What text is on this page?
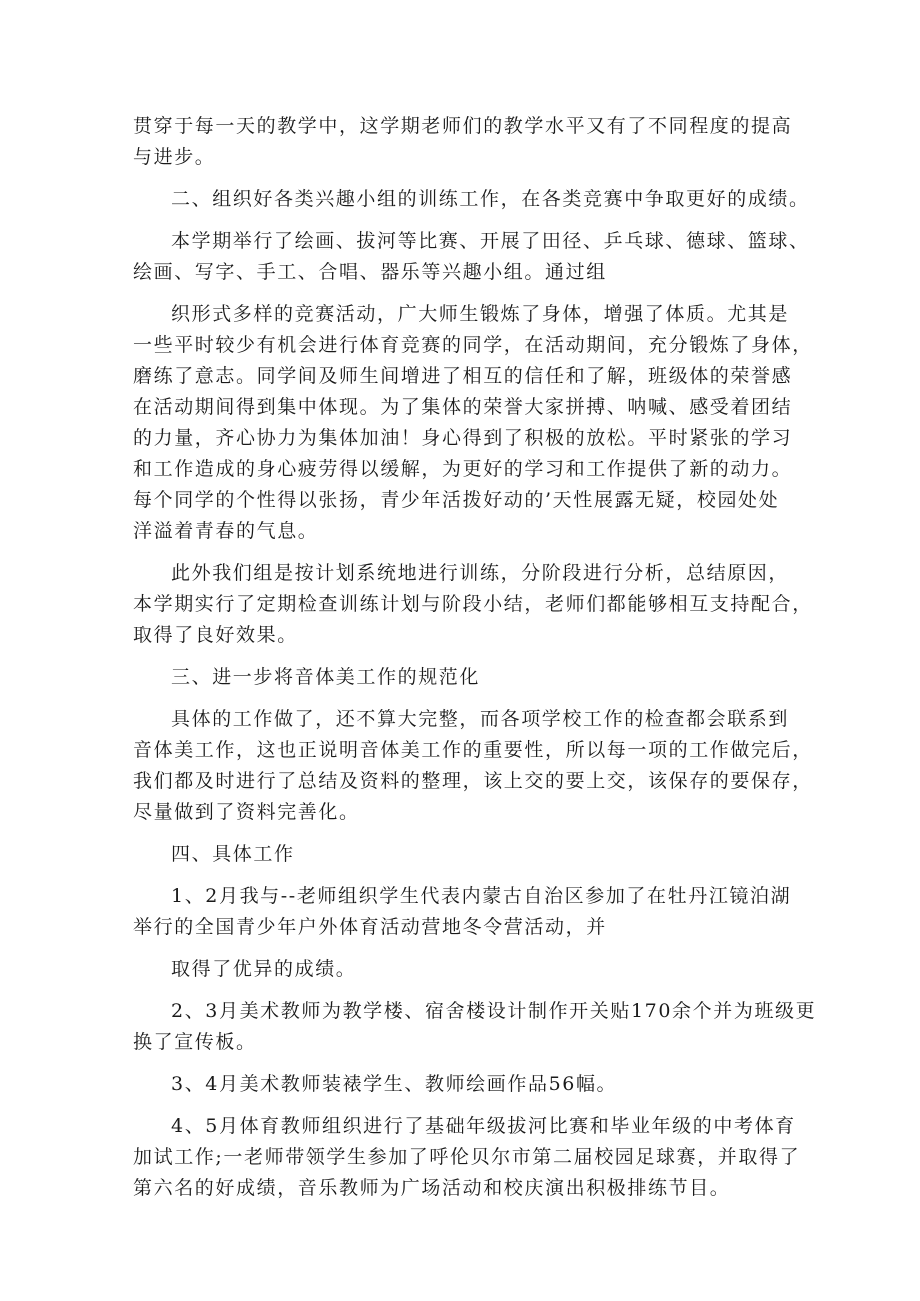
贯穿于每一天的教学中，这学期老师们的教学水平又有了不同程度的提高
与进步。
二、组织好各类兴趣小组的训练工作，在各类竞赛中争取更好的成绩。
本学期举行了绘画、拔河等比赛、开展了田径、乒乓球、德球、篮球、
绘画、写字、手工、合唱、器乐等兴趣小组。通过组
织形式多样的竞赛活动，广大师生锻炼了身体，增强了体质。尤其是
一些平时较少有机会进行体育竞赛的同学，在活动期间，充分锻炼了身体，
磨练了意志。同学间及师生间增进了相互的信任和了解，班级体的荣誉感
在活动期间得到集中体现。为了集体的荣誉大家拼搏、呐喊、感受着团结
的力量，齐心协力为集体加油！身心得到了积极的放松。平时紧张的学习
和工作造成的身心疲劳得以缓解，为更好的学习和工作提供了新的动力。
每个同学的个性得以张扬，青少年活拨好动的’天性展露无疑，校园处处
洋溢着青春的气息。
此外我们组是按计划系统地进行训练，分阶段进行分析，总结原因，
本学期实行了定期检查训练计划与阶段小结，老师们都能够相互支持配合，
取得了良好效果。
三、进一步将音体美工作的规范化
具体的工作做了，还不算大完整，而各项学校工作的检查都会联系到
音体美工作，这也正说明音体美工作的重要性，所以每一项的工作做完后，
我们都及时进行了总结及资料的整理，该上交的要上交，该保存的要保存，
尽量做到了资料完善化。
四、具体工作
1、2月我与--老师组织学生代表内蒙古自治区参加了在牡丹江镜泊湖
举行的全国青少年户外体育活动营地冬令营活动，并
取得了优异的成绩。
2、3月美术教师为教学楼、宿舍楼设计制作开关贴170余个并为班级更
换了宣传板。
3、4月美术教师装裱学生、教师绘画作品56幅。
4、5月体育教师组织进行了基础年级拔河比赛和毕业年级的中考体育
加试工作;一老师带领学生参加了呼伦贝尔市第二届校园足球赛，并取得了
第六名的好成绩，音乐教师为广场活动和校庆演出积极排练节目。
